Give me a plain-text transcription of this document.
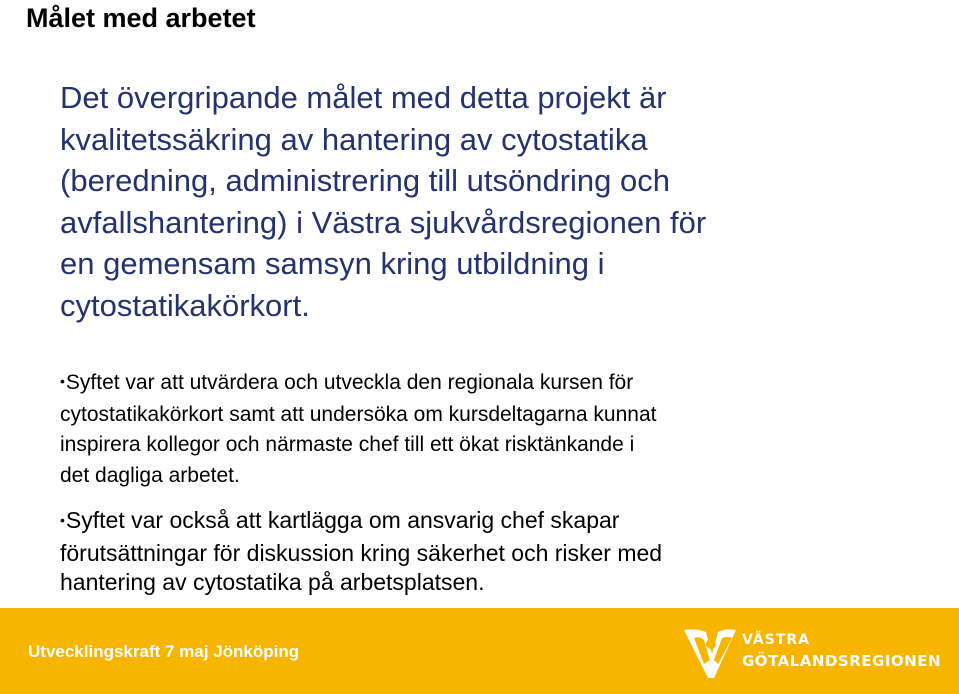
Målet med arbetet

Det övergripande målet med detta projekt är
kvalitetssäkring av hantering av cytostatika
(beredning, administrering till utsöndring och
avfallshantering) i Västra sjukvårdsregionen för
en gemensam samsyn kring utbildning i
cytostatikakörkort.

•Syftet var att utvärdera och utveckla den regionala kursen för
cytostatikakörkort samt att undersöka om kursdeltagarna kunnat
inspirera kollegor och närmaste chef till ett ökat risktänkande i
det dagliga arbetet.
•Syftet var också att kartlägga om ansvarig chef skapar
förutsättningar för diskussion kring säkerhet och risker med
hantering av cytostatika på arbetsplatsen.
Utvecklingskraft 7 maj Jönköping
VÄSTRA
GÖTALANDSREGIONEN
